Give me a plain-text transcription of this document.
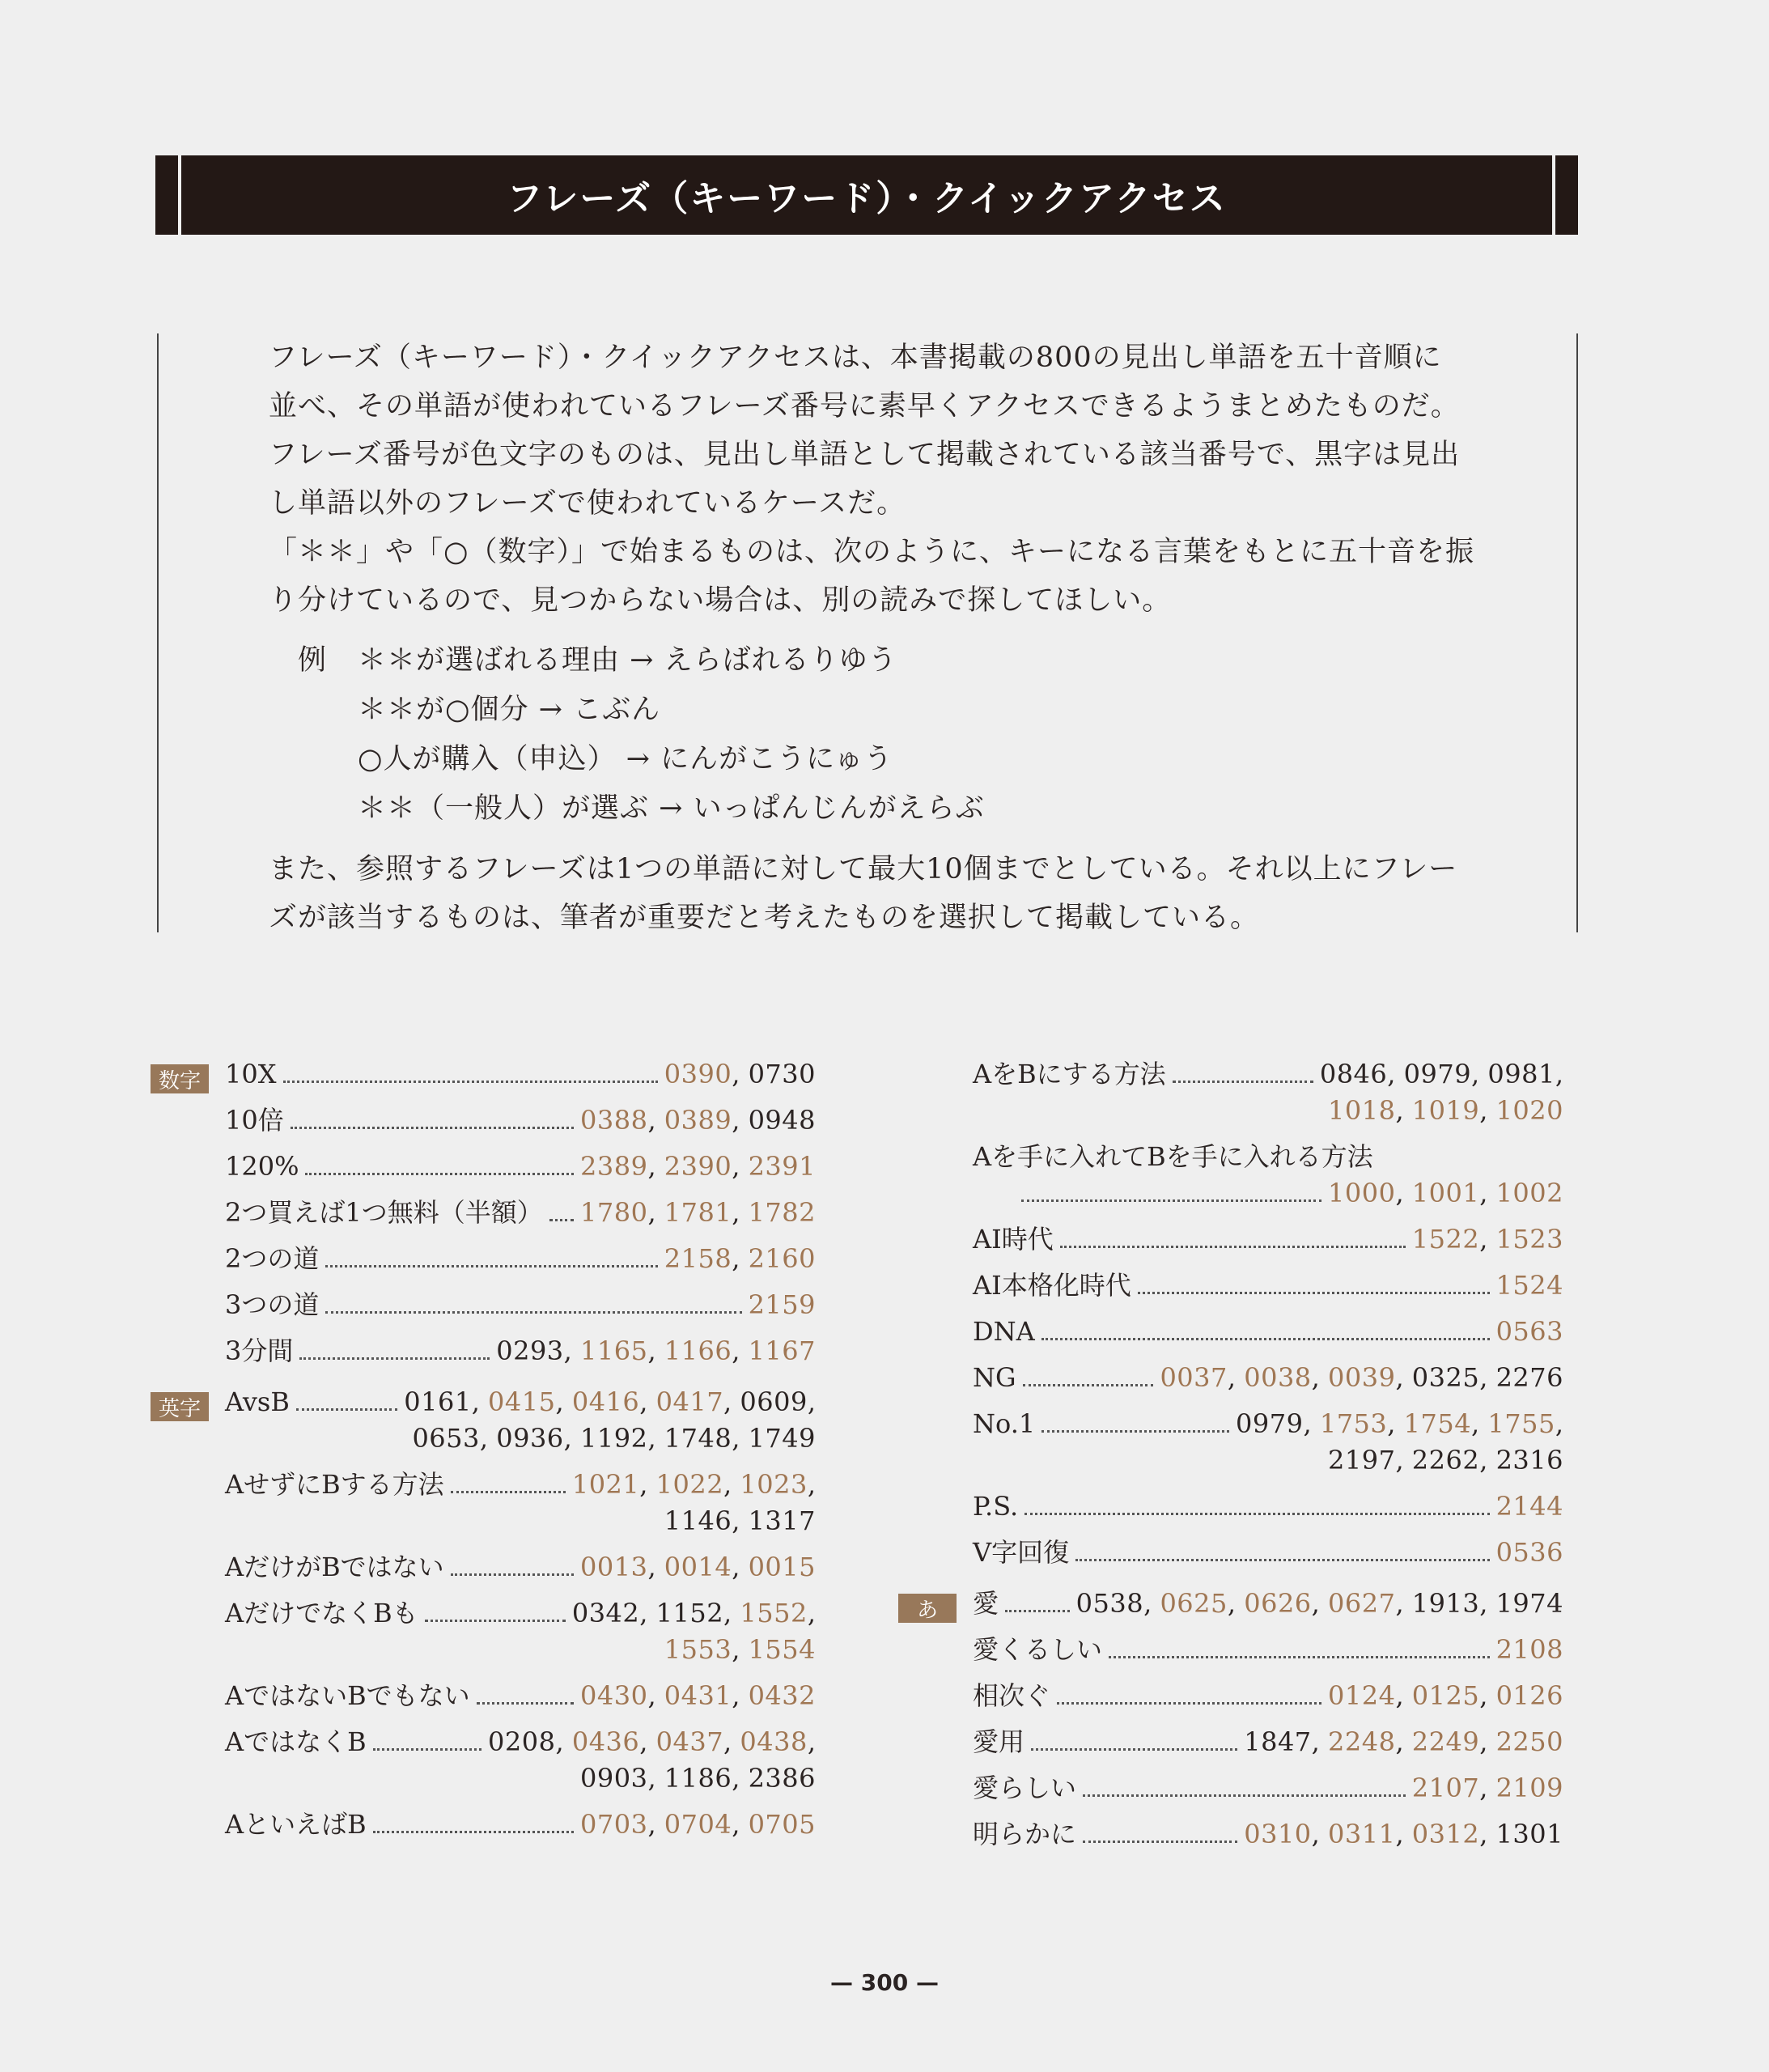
フレーズ（キーワード）・クイックアクセス

フレーズ（キーワード）・クイックアクセスは、本書掲載の800の見出し単語を五十音順に

並べ、その単語が使われているフレーズ番号に素早くアクセスできるようまとめたものだ。

フレーズ番号が色文字のものは、見出し単語として掲載されている該当番号で、黒字は見出

し単語以外のフレーズで使われているケースだ。

「＊＊」や「○（数字）」で始まるものは、次のように、キーになる言葉をもとに五十音を振

り分けているので、見つからない場合は、別の読みで探してほしい。

例	＊＊が選ばれる理由 → えらばれるりゆう
＊＊が○個分 → こぶん
○人が購入（申込） → にんがこうにゅう
＊＊（一般人）が選ぶ → いっぱんじんがえらぶ

また、参照するフレーズは1つの単語に対して最大10個までとしている。それ以上にフレー

ズが該当するものは、筆者が重要だと考えたものを選択して掲載している。

数字 10X	0390, 0730
10倍	0388, 0389, 0948
120%	2389, 2390, 2391
2つ買えば1つ無料（半額） 1780, 1781, 1782
2つの道	2158, 2160
3つの道	2159
3分間	0293, 1165, 1166, 1167
英字 AvsB	0161, 0415, 0416, 0417, 0609,
0653, 0936, 1192, 1748, 1749
AせずにBする方法	1021, 1022, 1023,
1146, 1317
AだけがBではない	0013, 0014, 0015
AだけでなくBも	0342, 1152, 1552,
1553, 1554
AではないBでもない	0430, 0431, 0432
AではなくB	0208, 0436, 0437, 0438,
0903, 1186, 2386
AといえばB	0703, 0704, 0705
AをBにする方法	0846, 0979, 0981,
1018, 1019, 1020
Aを手に入れてBを手に入れる方法
1000, 1001, 1002
AI時代	1522, 1523
AI本格化時代	1524
DNA	0563
NG	0037, 0038, 0039, 0325, 2276
No.1	0979, 1753, 1754, 1755,
2197, 2262, 2316
P.S.	2144
V字回復	0536
あ	愛	0538, 0625, 0626, 0627, 1913, 1974
愛くるしい	2108
相次ぐ	0124, 0125, 0126
愛用	1847, 2248, 2249, 2250
愛らしい	2107, 2109
明らかに	0310, 0311, 0312, 1301
— 300 —
